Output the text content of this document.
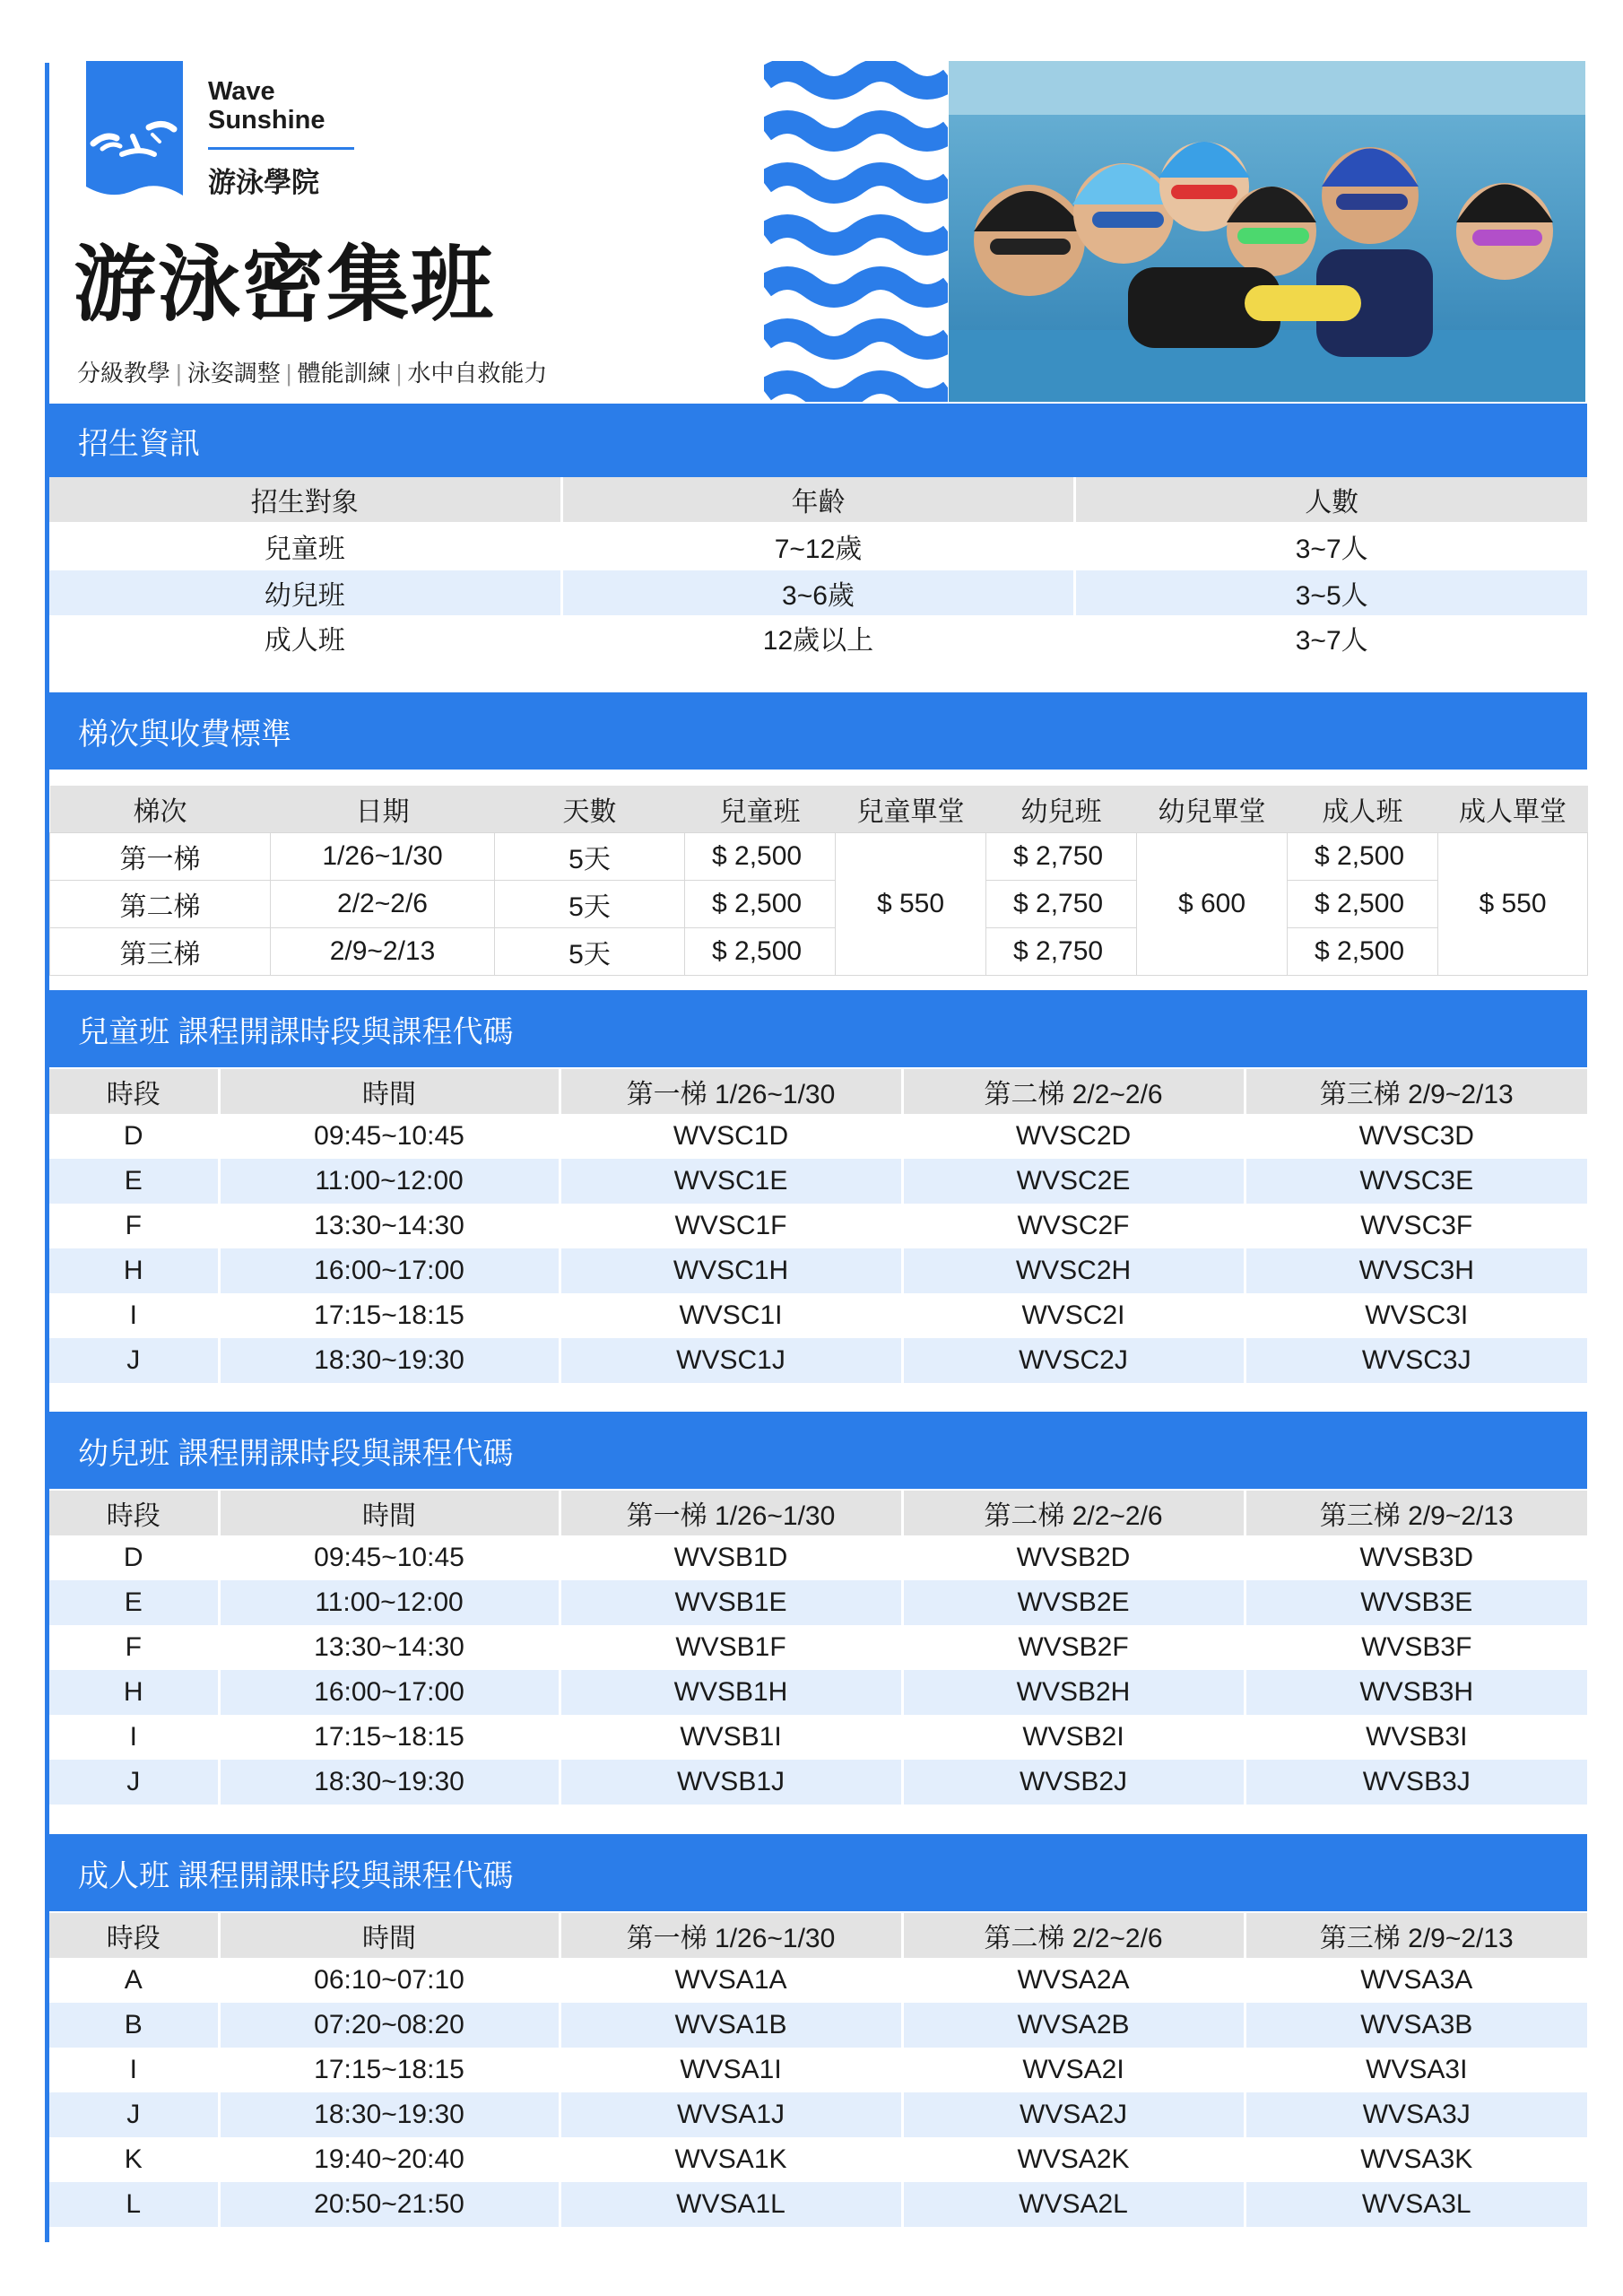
Wave
Sunshine
游泳學院
游泳密集班
分級教學 | 泳姿調整 | 體能訓練 | 水中自救能力
招生資訊
招生對象	年齡	人數
兒童班	7~12歲	3~7人
幼兒班	3~6歲	3~5人
成人班	12歲以上	3~7人
梯次與收費標準
梯次	日期	天數	兒童班	兒童單堂	幼兒班	幼兒單堂	成人班	成人單堂
第一梯	1/26~1/30	5天	$ 2,500	$ 550	$ 2,750	$ 600	$ 2,500	$ 550
第二梯	2/2~2/6	5天	$ 2,500		$ 2,750		$ 2,500	
第三梯	2/9~2/13	5天	$ 2,500		$ 2,750		$ 2,500	
兒童班 課程開課時段與課程代碼
時段	時間	第一梯 1/26~1/30	第二梯 2/2~2/6	第三梯 2/9~2/13
D	09:45~10:45	WVSC1D	WVSC2D	WVSC3D
E	11:00~12:00	WVSC1E	WVSC2E	WVSC3E
F	13:30~14:30	WVSC1F	WVSC2F	WVSC3F
H	16:00~17:00	WVSC1H	WVSC2H	WVSC3H
I	17:15~18:15	WVSC1I	WVSC2I	WVSC3I
J	18:30~19:30	WVSC1J	WVSC2J	WVSC3J
幼兒班 課程開課時段與課程代碼
時段	時間	第一梯 1/26~1/30	第二梯 2/2~2/6	第三梯 2/9~2/13
D	09:45~10:45	WVSB1D	WVSB2D	WVSB3D
E	11:00~12:00	WVSB1E	WVSB2E	WVSB3E
F	13:30~14:30	WVSB1F	WVSB2F	WVSB3F
H	16:00~17:00	WVSB1H	WVSB2H	WVSB3H
I	17:15~18:15	WVSB1I	WVSB2I	WVSB3I
J	18:30~19:30	WVSB1J	WVSB2J	WVSB3J
成人班 課程開課時段與課程代碼
時段	時間	第一梯 1/26~1/30	第二梯 2/2~2/6	第三梯 2/9~2/13
A	06:10~07:10	WVSA1A	WVSA2A	WVSA3A
B	07:20~08:20	WVSA1B	WVSA2B	WVSA3B
I	17:15~18:15	WVSA1I	WVSA2I	WVSA3I
J	18:30~19:30	WVSA1J	WVSA2J	WVSA3J
K	19:40~20:40	WVSA1K	WVSA2K	WVSA3K
L	20:50~21:50	WVSA1L	WVSA2L	WVSA3L
